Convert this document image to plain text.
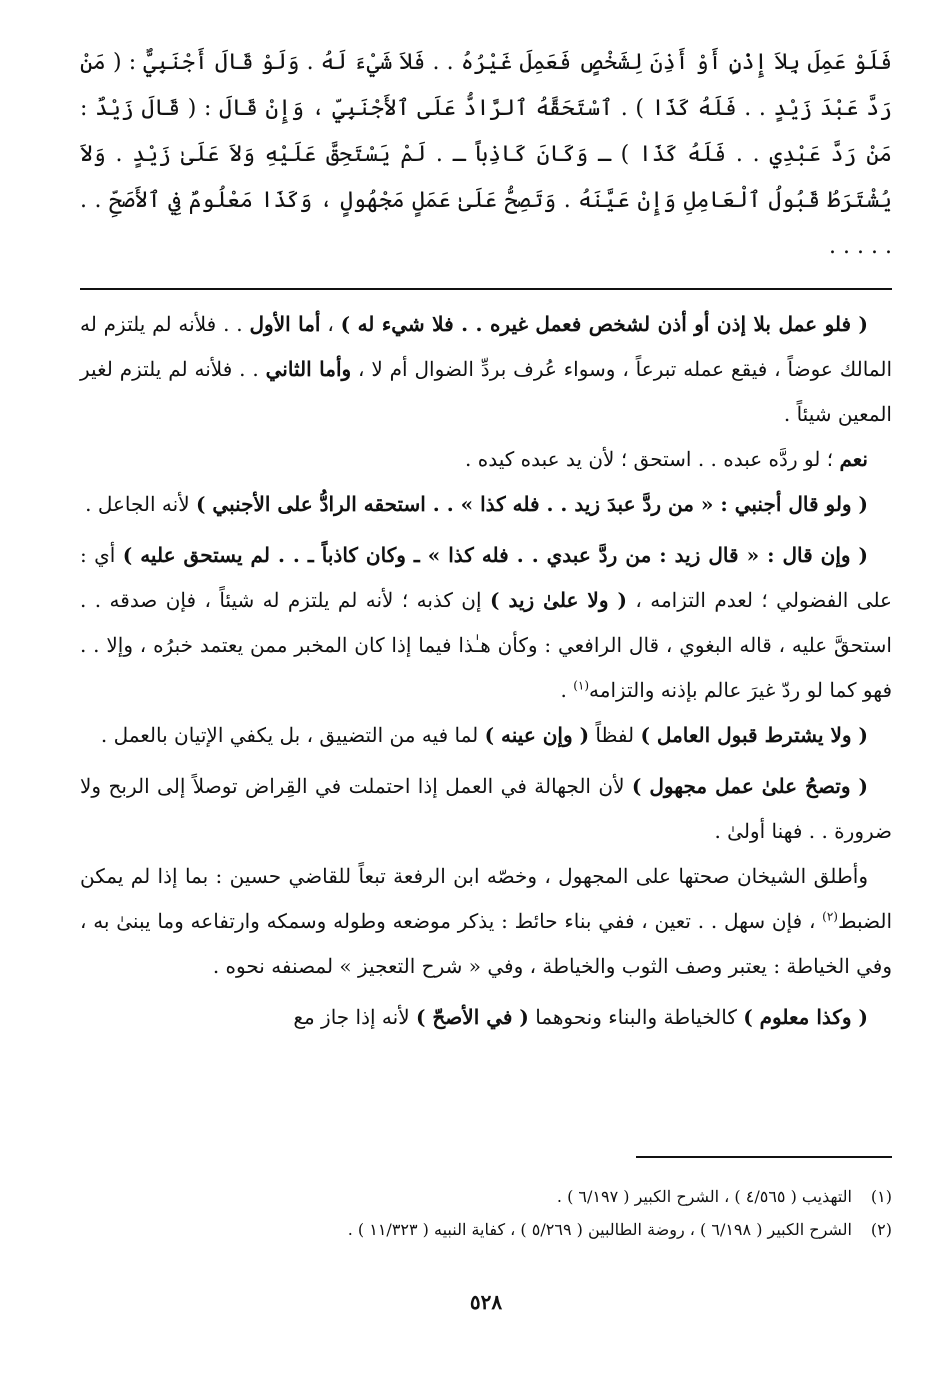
فَلَوْ عَمِلَ بِلاَ إِذْنٍ أَوْ أَذِنَ لِشَخْصٍ فَعَمِلَ غَيْرُهُ . . فَلاَ شَيْءَ لَهُ . وَلَوْ قَالَ أَجْنَبِيٌّ : ( مَنْ رَدَّ عَبْدَ زَيْدٍ . . فَلَهُ كَذَا ) . ٱسْتَحَقَّهُ ٱلرَّادُّ عَلَى ٱلأَجْنَبِيِّ ، وَإِنْ قَالَ : ( قَالَ زَيْدٌ : مَنْ رَدَّ عَبْدِي . . فَلَهُ كَذَا ) ـ وَكَانَ كَاذِباً ـ . لَمْ يَسْتَحِقَّ عَلَيْهِ وَلاَ عَلَىٰ زَيْدٍ . وَلاَ يُشْتَرَطُ قَبُولُ ٱلْعَامِلِ وَإِنْ عَيَّنَهُ . وَتَصِحُّ عَلَىٰ عَمَلٍ مَجْهُولٍ ، وَكَذَا مَعْلُومٌ فِي ٱلأَصَحِّ . . . . . . .

( فلو عمل بلا إذن أو أذن لشخص فعمل غيره . . فلا شيء له ) ، أما الأول . . فلأنه لم يلتزم له المالك عوضاً ، فيقع عمله تبرعاً ، وسواء عُرف بردِّ الضوال أم لا ، وأما الثاني . . فلأنه لم يلتزم لغير المعين شيئاً .

نعم ؛ لو ردَّه عبده . . استحق ؛ لأن يد عبده كيده .

( ولو قال أجنبي : « من ردَّ عبدَ زيد . . فله كذا » . . استحقه الرادُّ على الأجنبي ) لأنه الجاعل .

( وإن قال : « قال زيد : من ردَّ عبدي . . فله كذا » ـ وكان كاذباً ـ . . لم يستحق عليه ) أي : على الفضولي ؛ لعدم التزامه ، ( ولا علىٰ زيد ) إن كذبه ؛ لأنه لم يلتزم له شيئاً ، فإن صدقه . . استحقَّ عليه ، قاله البغوي ، قال الرافعي : وكأن هـٰذا فيما إذا كان المخبر ممن يعتمد خبرُه ، وإلا . . فهو كما لو ردّ غيرَ عالم بإذنه والتزامه$^{(١)}$ .

( ولا يشترط قبول العامل ) لفظاً ( وإن عينه ) لما فيه من التضييق ، بل يكفي الإتيان بالعمل .

( وتصحُ علىٰ عمل مجهول ) لأن الجهالة في العمل إذا احتملت في القِراض توصلاً إلى الربح ولا ضرورة . . فهنا أولىٰ .

وأطلق الشيخان صحتها على المجهول ، وخصّه ابن الرفعة تبعاً للقاضي حسين : بما إذا لم يمكن الضبط$^{(٢)}$ ، فإن سهل . . تعين ، ففي بناء حائط : يذكر موضعه وطوله وسمكه وارتفاعه وما يبنىٰ به ، وفي الخياطة : يعتبر وصف الثوب والخياطة ، وفي « شرح التعجيز » لمصنفه نحوه .

( وكذا معلوم ) كالخياطة والبناء ونحوهما ( في الأصحّ ) لأنه إذا جاز مع

(١)التهذيب ( ٤/٥٦٥ ) ، الشرح الكبير ( ٦/١٩٧ ) .

(٢)الشرح الكبير ( ٦/١٩٨ ) ، روضة الطالبين ( ٥/٢٦٩ ) ، كفاية النبيه ( ١١/٣٢٣ ) .

٥٢٨
